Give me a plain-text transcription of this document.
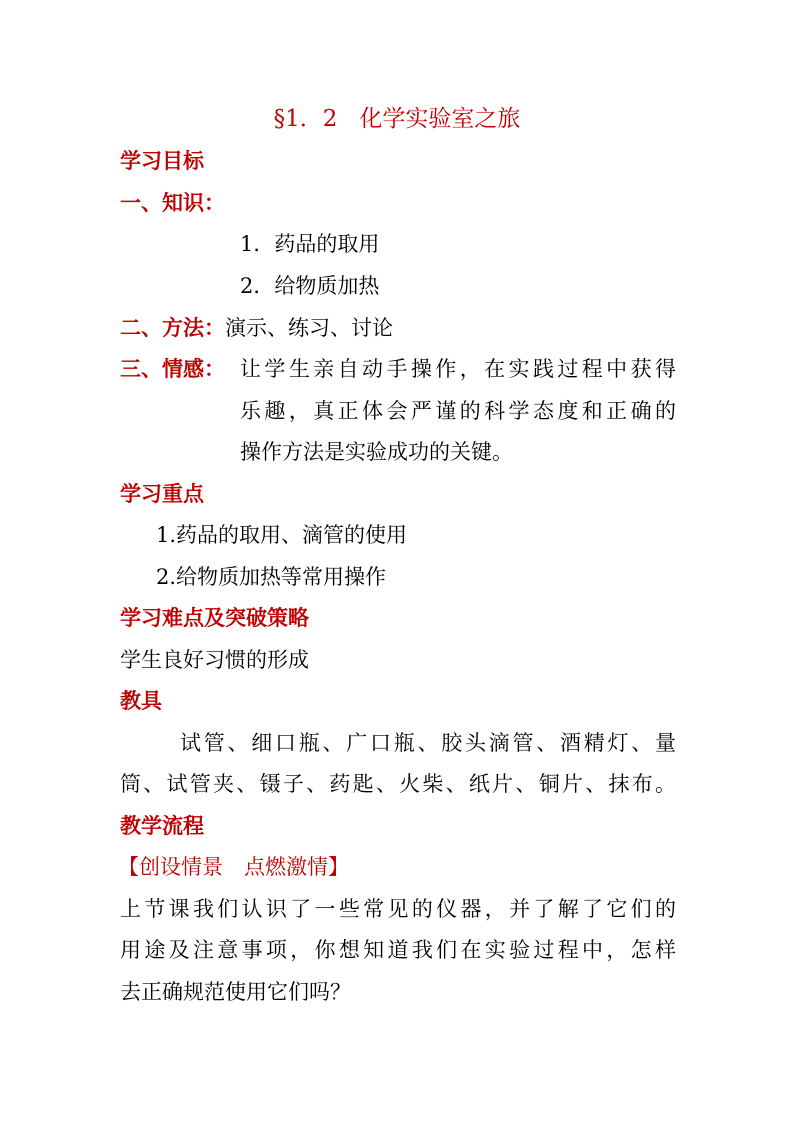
§1．2 化学实验室之旅
学习目标
一、知识：
1．药品的取用
2．给物质加热
二、方法：演示、练习、讨论
三、情感： 让学生亲自动手操作，在实践过程中获得
乐趣，真正体会严谨的科学态度和正确的
操作方法是实验成功的关键。
学习重点
1.药品的取用、滴管的使用
2.给物质加热等常用操作
学习难点及突破策略
学生良好习惯的形成
教具
试管、细口瓶、广口瓶、胶头滴管、酒精灯、量
筒、试管夹、镊子、药匙、火柴、纸片、铜片、抹布。
教学流程
【创设情景　点燃激情】
上节课我们认识了一些常见的仪器，并了解了它们的
用途及注意事项，你想知道我们在实验过程中，怎样
去正确规范使用它们吗？
